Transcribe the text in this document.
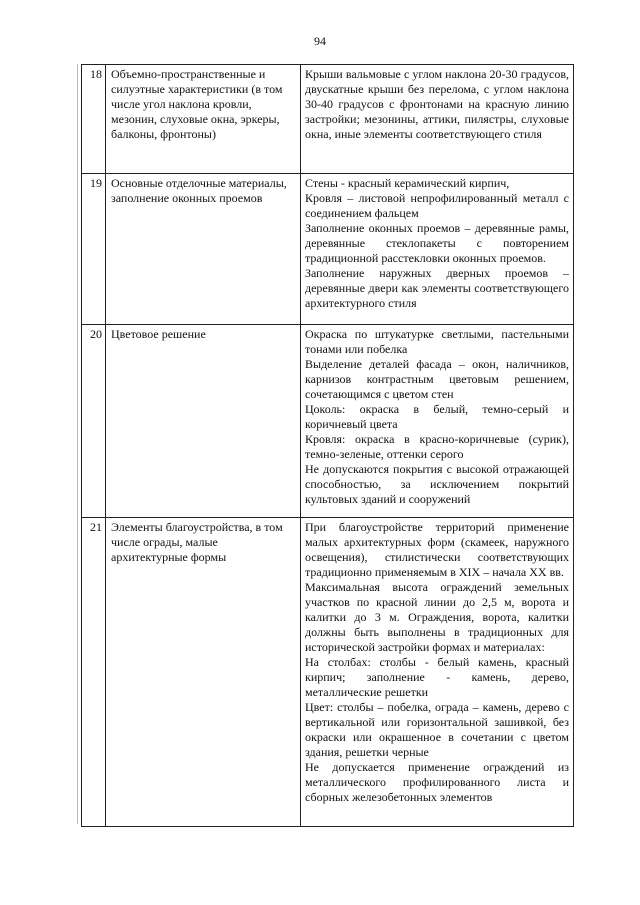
94
18	Объемно-пространственные и силуэтные характеристики (в том числе угол наклона кровли, мезонин, слуховые окна, эркеры, балконы, фронтоны)	Крыши вальмовые с углом наклона 20-30 градусов, двускатные крыши без перелома, с углом наклона 30-40 градусов с фронтонами на красную линию застройки; мезонины, аттики, пилястры, слуховые окна, иные элементы соответствующего стиля

19	Основные отделочные материалы, заполнение оконных проемов	Стены - красный керамический кирпич,

Кровля – листовой непрофилированный металл с соединением фальцем

Заполнение оконных проемов – деревянные рамы, деревянные стеклопакеты с повторением традиционной расстекловки оконных проемов.

Заполнение наружных дверных проемов – деревянные двери как элементы соответствующего архитектурного стиля

20	Цветовое решение	Окраска по штукатурке светлыми, пастельными тонами или побелка

Выделение деталей фасада – окон, наличников, карнизов контрастным цветовым решением, сочетающимся с цветом стен

Цоколь: окраска в белый, темно-серый и коричневый цвета

Кровля: окраска в красно-коричневые (сурик), темно-зеленые, оттенки серого

Не допускаются покрытия с высокой отражающей способностью, за исключением покрытий культовых зданий и сооружений

21	Элементы благоустройства, в том числе ограды, малые архитектурные формы	При благоустройстве территорий применение малых архитектурных форм (скамеек, наружного освещения), стилистически соответствующих традиционно применяемым в XIX – начала XX вв.

Максимальная высота ограждений земельных участков по красной линии до 2,5 м, ворота и калитки до 3 м. Ограждения, ворота, калитки должны быть выполнены в традиционных для исторической застройки формах и материалах:

На столбах: столбы - белый камень, красный кирпич; заполнение - камень, дерево, металлические решетки

Цвет: столбы – побелка, ограда – камень, дерево с вертикальной или горизонтальной зашивкой, без окраски или окрашенное в сочетании с цветом здания, решетки черные

Не допускается применение ограждений из металлического профилированного листа и сборных железобетонных элементов
